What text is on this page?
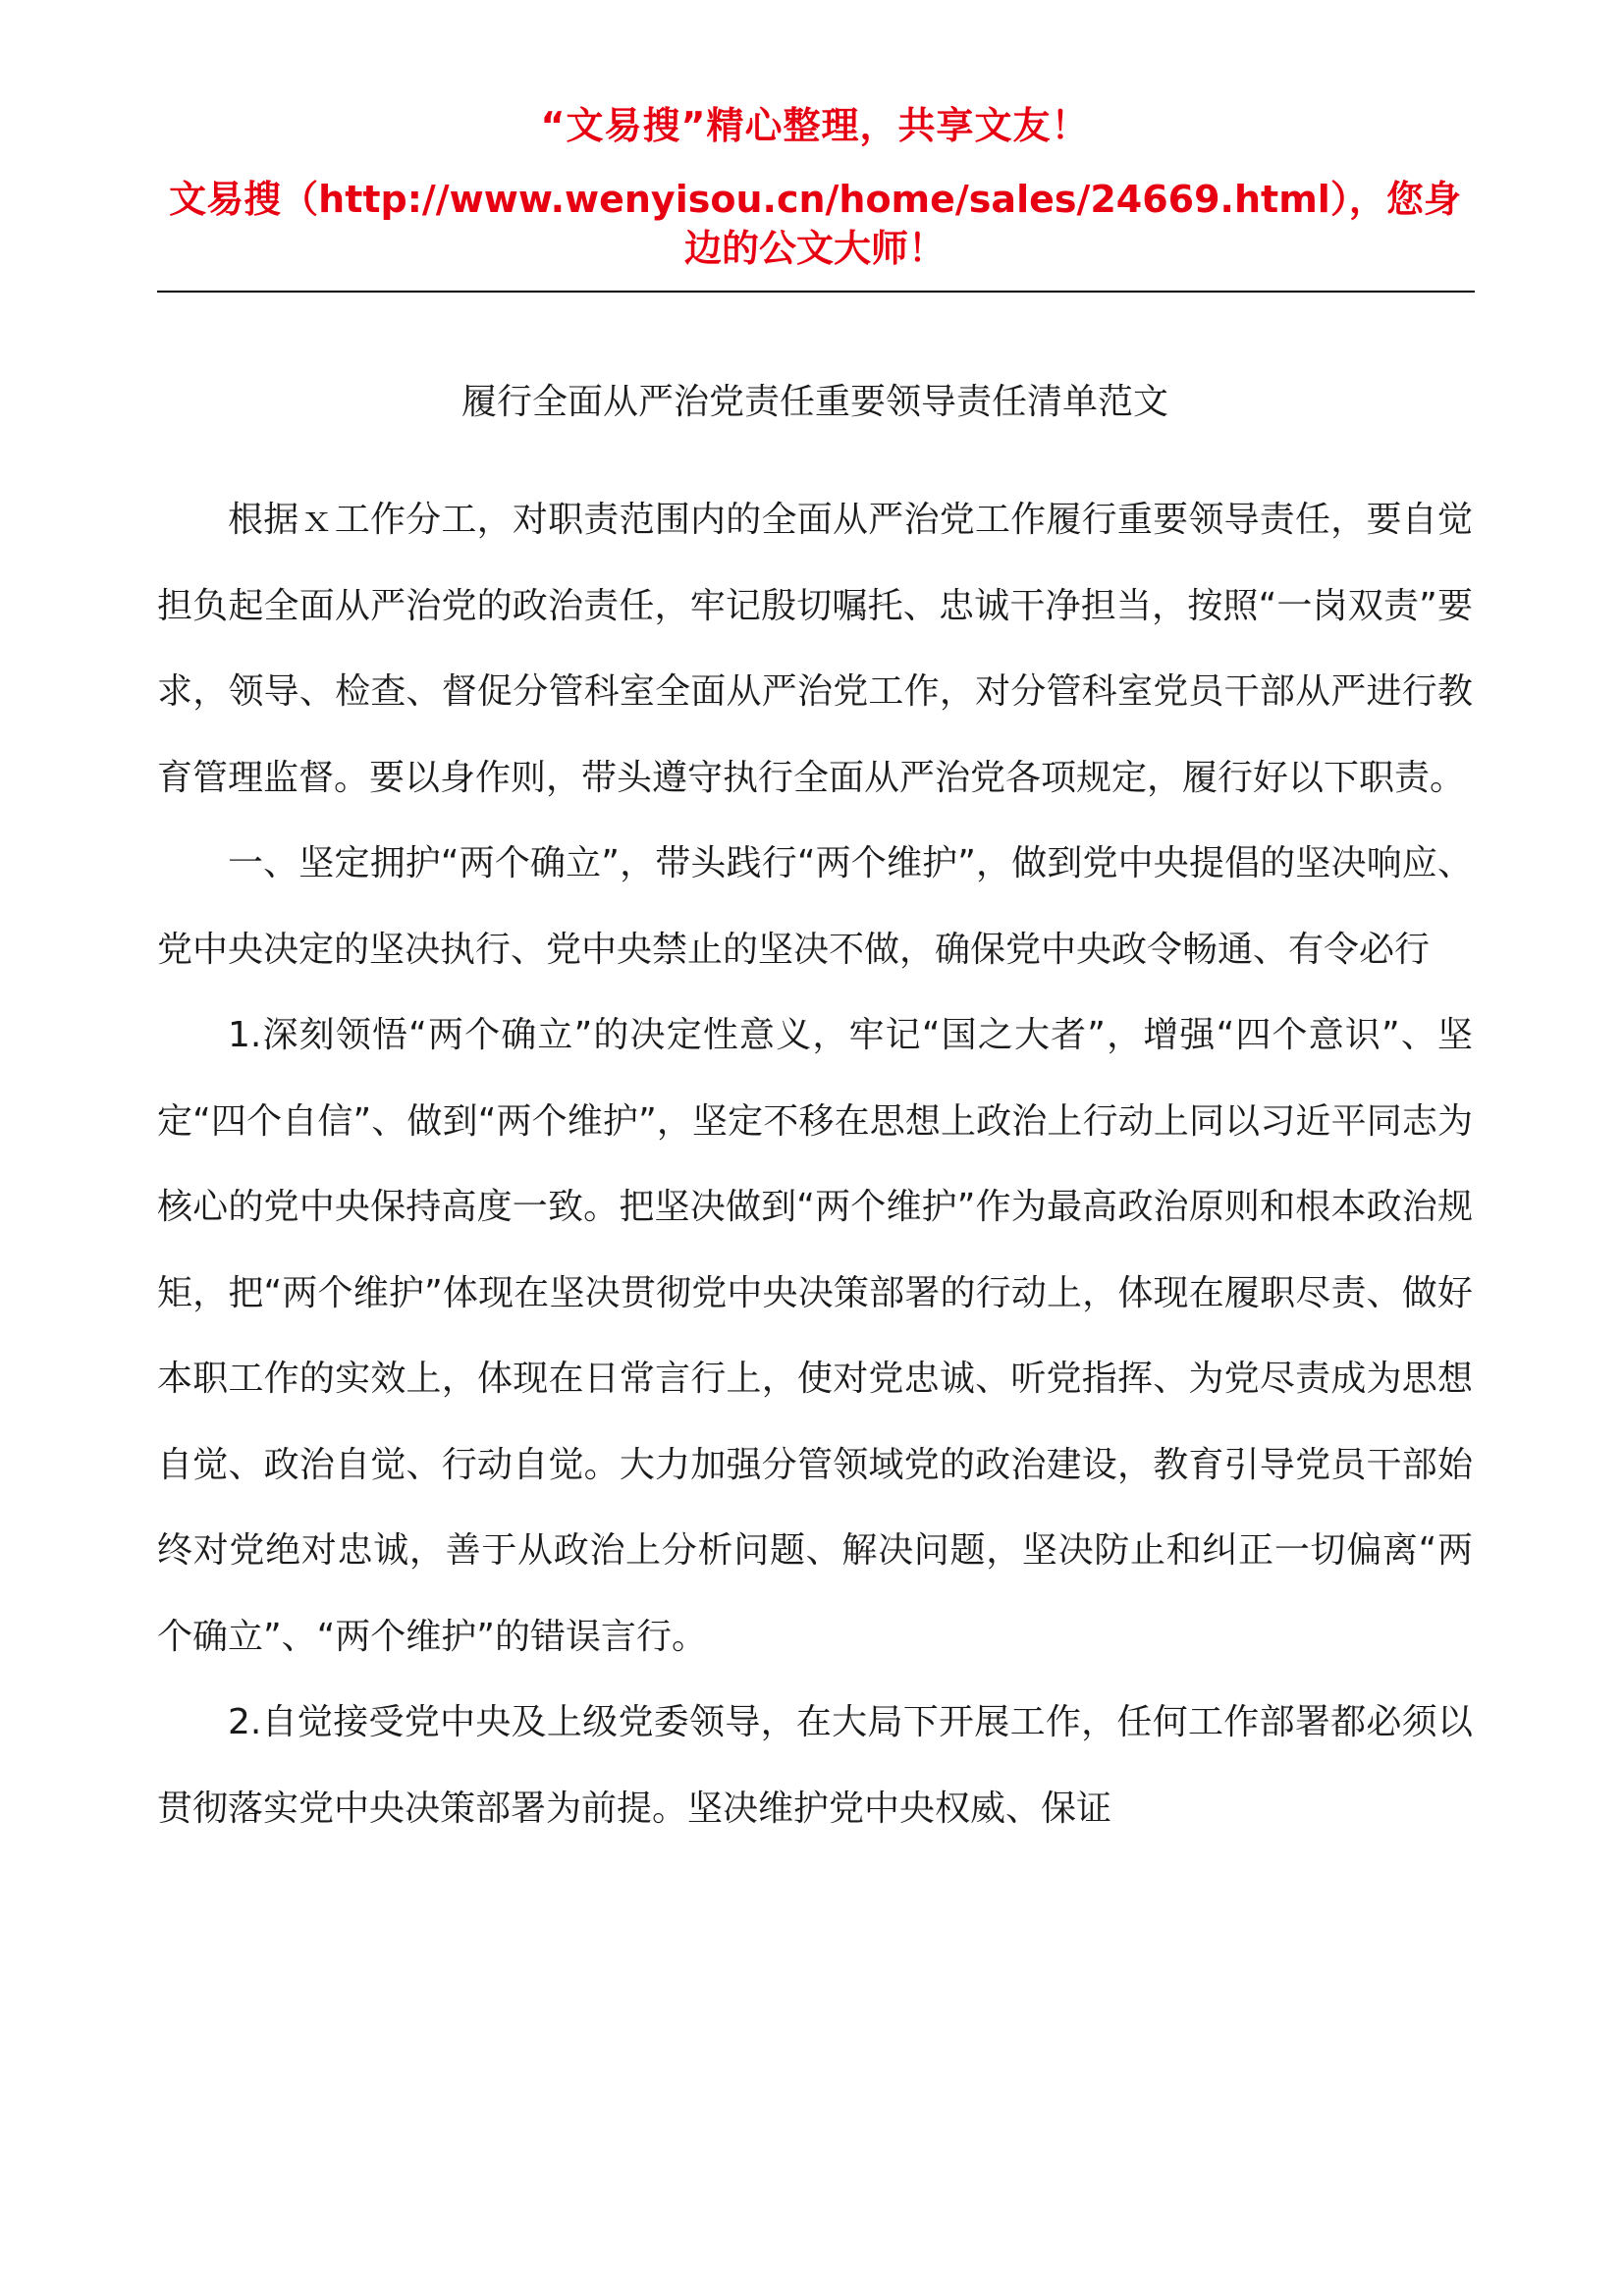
“文易搜”精心整理，共享文友！
文易搜（http://www.wenyisou.cn/home/sales/24669.html），您身边的公文大师！
履行全面从严治党责任重要领导责任清单范文

根据ｘ工作分工，对职责范围内的全面从严治党工作履行重要领导责任，要自觉担负起全面从严治党的政治责任，牢记殷切嘱托、忠诚干净担当，按照“一岗双责”要求，领导、检查、督促分管科室全面从严治党工作，对分管科室党员干部从严进行教育管理监督。要以身作则，带头遵守执行全面从严治党各项规定，履行好以下职责。

一、坚定拥护“两个确立”，带头践行“两个维护”，做到党中央提倡的坚决响应、党中央决定的坚决执行、党中央禁止的坚决不做，确保党中央政令畅通、有令必行

1.深刻领悟“两个确立”的决定性意义，牢记“国之大者”，增强“四个意识”、坚定“四个自信”、做到“两个维护”，坚定不移在思想上政治上行动上同以习近平同志为核心的党中央保持高度一致。把坚决做到“两个维护”作为最高政治原则和根本政治规矩，把“两个维护”体现在坚决贯彻党中央决策部署的行动上，体现在履职尽责、做好本职工作的实效上，体现在日常言行上，使对党忠诚、听党指挥、为党尽责成为思想自觉、政治自觉、行动自觉。大力加强分管领域党的政治建设，教育引导党员干部始终对党绝对忠诚，善于从政治上分析问题、解决问题，坚决防止和纠正一切偏离“两个确立”、“两个维护”的错误言行。

2.自觉接受党中央及上级党委领导，在大局下开展工作，任何工作部署都必须以贯彻落实党中央决策部署为前提。坚决维护党中央权威、保证
